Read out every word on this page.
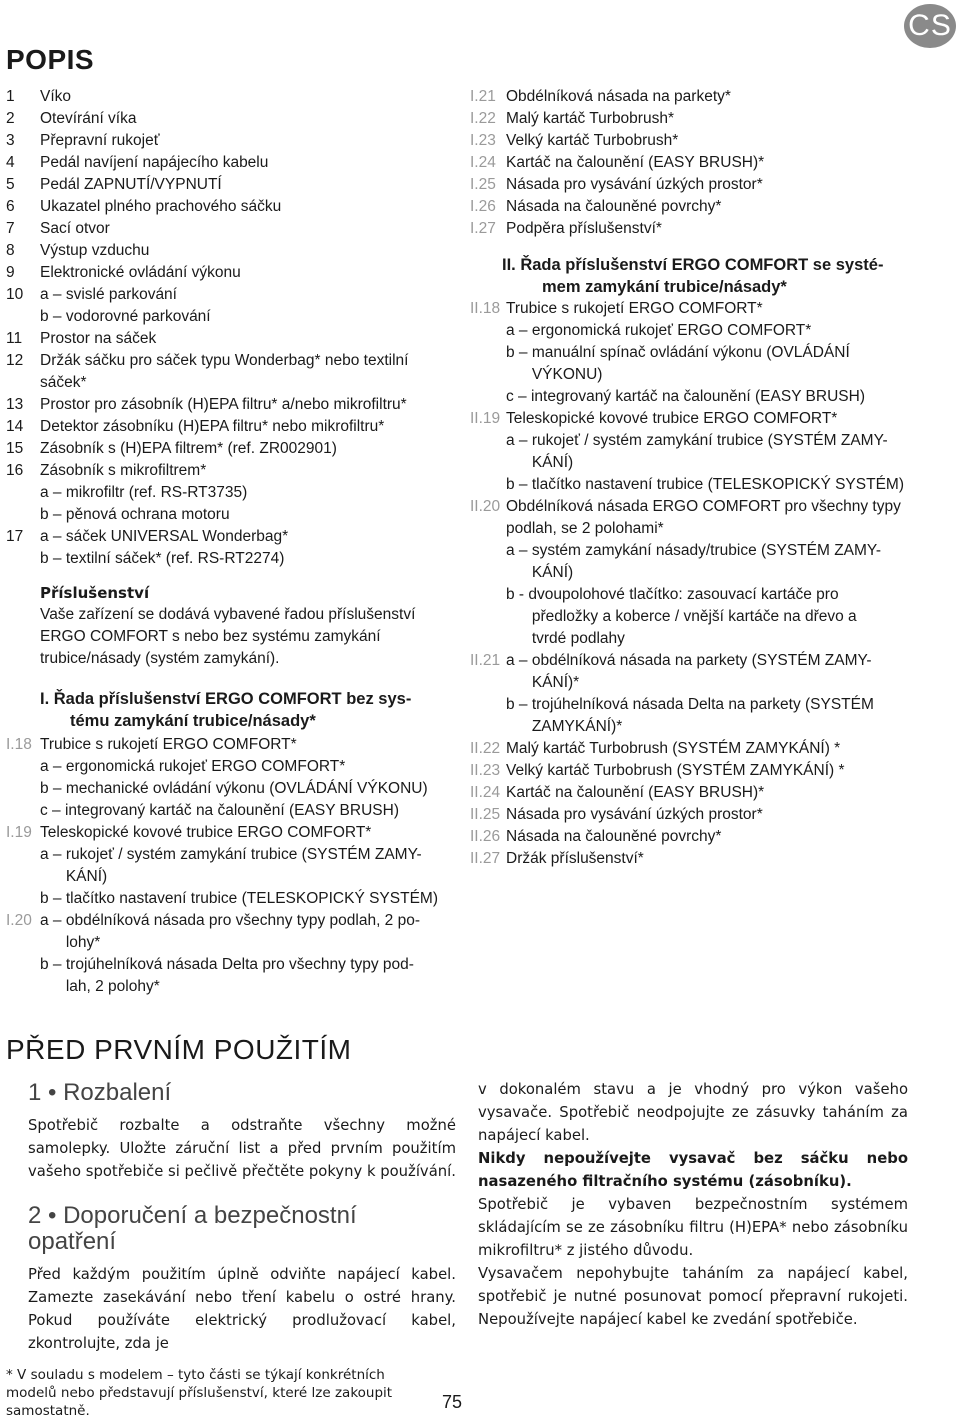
CS
POPIS
1	Víko
2	Otevírání víka
3	Přepravní rukojeť
4	Pedál navíjení napájecího kabelu
5	Pedál ZAPNUTÍ/VYPNUTÍ
6	Ukazatel plného prachového sáčku
7	Sací otvor
8	Výstup vzduchu
9	Elektronické ovládání výkonu
10	a – svislé parkování
b – vodorovné parkování
11	Prostor na sáček
12	Držák sáčku pro sáček typu Wonderbag* nebo textilní
sáček*
13	Prostor pro zásobník (H)EPA filtru* a/nebo mikrofiltru*
14	Detektor zásobníku (H)EPA filtru* nebo mikrofiltru*
15	Zásobník s (H)EPA filtrem* (ref. ZR002901)
16	Zásobník s mikrofiltrem*
a – mikrofiltr (ref. RS-RT3735)
b – pěnová ochrana motoru
17	a – sáček UNIVERSAL Wonderbag*
b – textilní sáček* (ref. RS-RT2274)
Příslušenství
Vaše zařízení se dodává vybavené řadou příslušenství
ERGO COMFORT s nebo bez systému zamykání
trubice/násady (systém zamykání).
I. Řada příslušenství ERGO COMFORT bez sys-
tému zamykání trubice/násady*
I.18 Trubice s rukojetí ERGO COMFORT*
a – ergonomická rukojeť ERGO COMFORT*
b – mechanické ovládání výkonu (OVLÁDÁNÍ VÝKONU)
c – integrovaný kartáč na čalounění (EASY BRUSH)
I.19 Teleskopické kovové trubice ERGO COMFORT*
a – rukojeť / systém zamykání trubice (SYSTÉM ZAMY-
KÁNÍ)
b – tlačítko nastavení trubice (TELESKOPICKÝ SYSTÉM)
I.20 a – obdélníková násada pro všechny typy podlah, 2 po-
lohy*
b – trojúhelníková násada Delta pro všechny typy pod-
lah, 2 polohy*
I.21 Obdélníková násada na parkety*
I.22 Malý kartáč Turbobrush*
I.23 Velký kartáč Turbobrush*
I.24 Kartáč na čalounění (EASY BRUSH)*
I.25 Násada pro vysávání úzkých prostor*
I.26 Násada na čalouněné povrchy*
I.27 Podpěra příslušenství*
II. Řada příslušenství ERGO COMFORT se systé-
mem zamykání trubice/násady*
II.18 Trubice s rukojetí ERGO COMFORT*
a – ergonomická rukojeť ERGO COMFORT*
b – manuální spínač ovládání výkonu (OVLÁDÁNÍ
VÝKONU)
c – integrovaný kartáč na čalounění (EASY BRUSH)
II.19 Teleskopické kovové trubice ERGO COMFORT*
a – rukojeť / systém zamykání trubice (SYSTÉM ZAMY-
KÁNÍ)
b – tlačítko nastavení trubice (TELESKOPICKÝ SYSTÉM)
II.20 Obdélníková násada ERGO COMFORT pro všechny typy
podlah, se 2 polohami*
a – systém zamykání násady/trubice (SYSTÉM ZAMY-
KÁNÍ)
b - dvoupolohové tlačítko: zasouvací kartáče pro
předložky a koberce / vnější kartáče na dřevo a
tvrdé podlahy
II.21 a – obdélníková násada na parkety (SYSTÉM ZAMY-
KÁNÍ)*
b – trojúhelníková násada Delta na parkety (SYSTÉM
ZAMYKÁNÍ)*
II.22 Malý kartáč Turbobrush (SYSTÉM ZAMYKÁNÍ) *
II.23 Velký kartáč Turbobrush (SYSTÉM ZAMYKÁNÍ) *
II.24 Kartáč na čalounění (EASY BRUSH)*
II.25 Násada pro vysávání úzkých prostor*
II.26 Násada na čalouněné povrchy*
II.27 Držák příslušenství*
PŘED PRVNÍM POUŽITÍM
1 • Rozbalení
Spotřebič rozbalte a odstraňte všechny možné samolepky. Uložte záruční list a před prvním použitím vašeho spotřebiče si pečlivě přečtěte pokyny k používání.
2 • Doporučení a bezpečnostní
opatření
Před každým použitím úplně odviňte napájecí kabel. Zamezte zasekávání nebo tření kabelu o ostré hrany. Pokud používáte elektrický prodlužovací kabel, zkontrolujte, zda je
v dokonalém stavu a je vhodný pro výkon vašeho vysavače. Spotřebič neodpojujte ze zásuvky taháním za napájecí kabel.
Nikdy nepoužívejte vysavač bez sáčku nebo nasazeného filtračního systému (zásobníku).
Spotřebič je vybaven bezpečnostním systémem skládajícím se ze zásobníku filtru (H)EPA* nebo zásobníku mikrofiltru* z jistého důvodu.
Vysavačem nepohybujte taháním za napájecí kabel, spotřebič je nutné posunovat pomocí přepravní rukojeti. Nepoužívejte napájecí kabel ke zvedání spotřebiče.
* V souladu s modelem – tyto části se týkají konkrétních modelů nebo představují příslušenství, které lze zakoupit samostatně.	75
